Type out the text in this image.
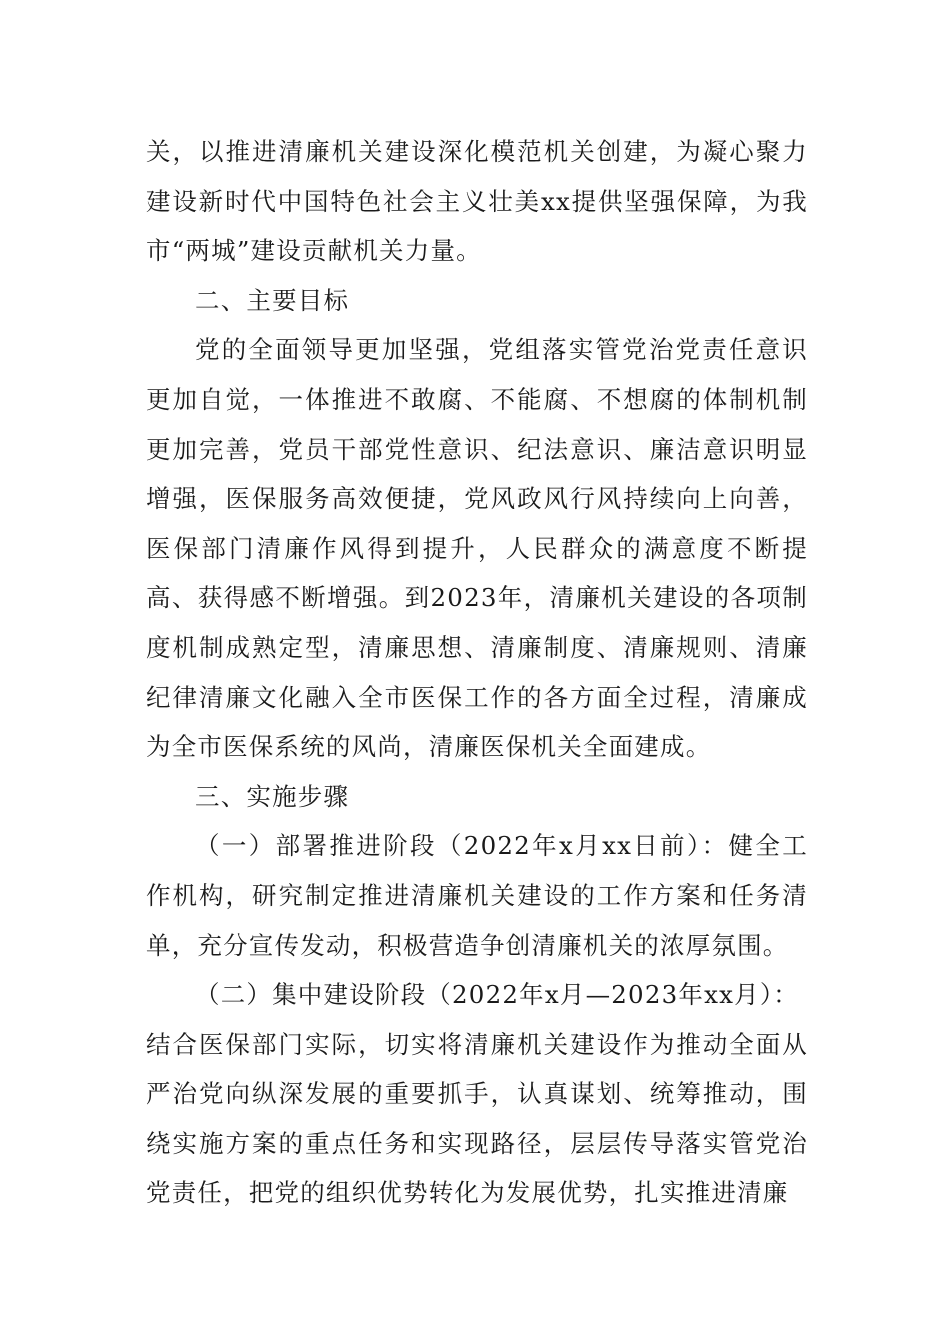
关，以推进清廉机关建设深化模范机关创建，为凝心聚力建设新时代中国特色社会主义壮美xx提供坚强保障，为我市“两城”建设贡献机关力量。

二、主要目标

党的全面领导更加坚强，党组落实管党治党责任意识更加自觉，一体推进不敢腐、不能腐、不想腐的体制机制更加完善，党员干部党性意识、纪法意识、廉洁意识明显增强，医保服务高效便捷，党风政风行风持续向上向善，医保部门清廉作风得到提升，人民群众的满意度不断提高、获得感不断增强。到2023年，清廉机关建设的各项制度机制成熟定型，清廉思想、清廉制度、清廉规则、清廉纪律清廉文化融入全市医保工作的各方面全过程，清廉成为全市医保系统的风尚，清廉医保机关全面建成。

三、实施步骤

（一）部署推进阶段（2022年x月xx日前）：健全工作机构，研究制定推进清廉机关建设的工作方案和任务清单，充分宣传发动，积极营造争创清廉机关的浓厚氛围。

（二）集中建设阶段（2022年x月—2023年xx月）：

结合医保部门实际，切实将清廉机关建设作为推动全面从严治党向纵深发展的重要抓手，认真谋划、统筹推动，围绕实施方案的重点任务和实现路径，层层传导落实管党治党责任，把党的组织优势转化为发展优势，扎实推进清廉
